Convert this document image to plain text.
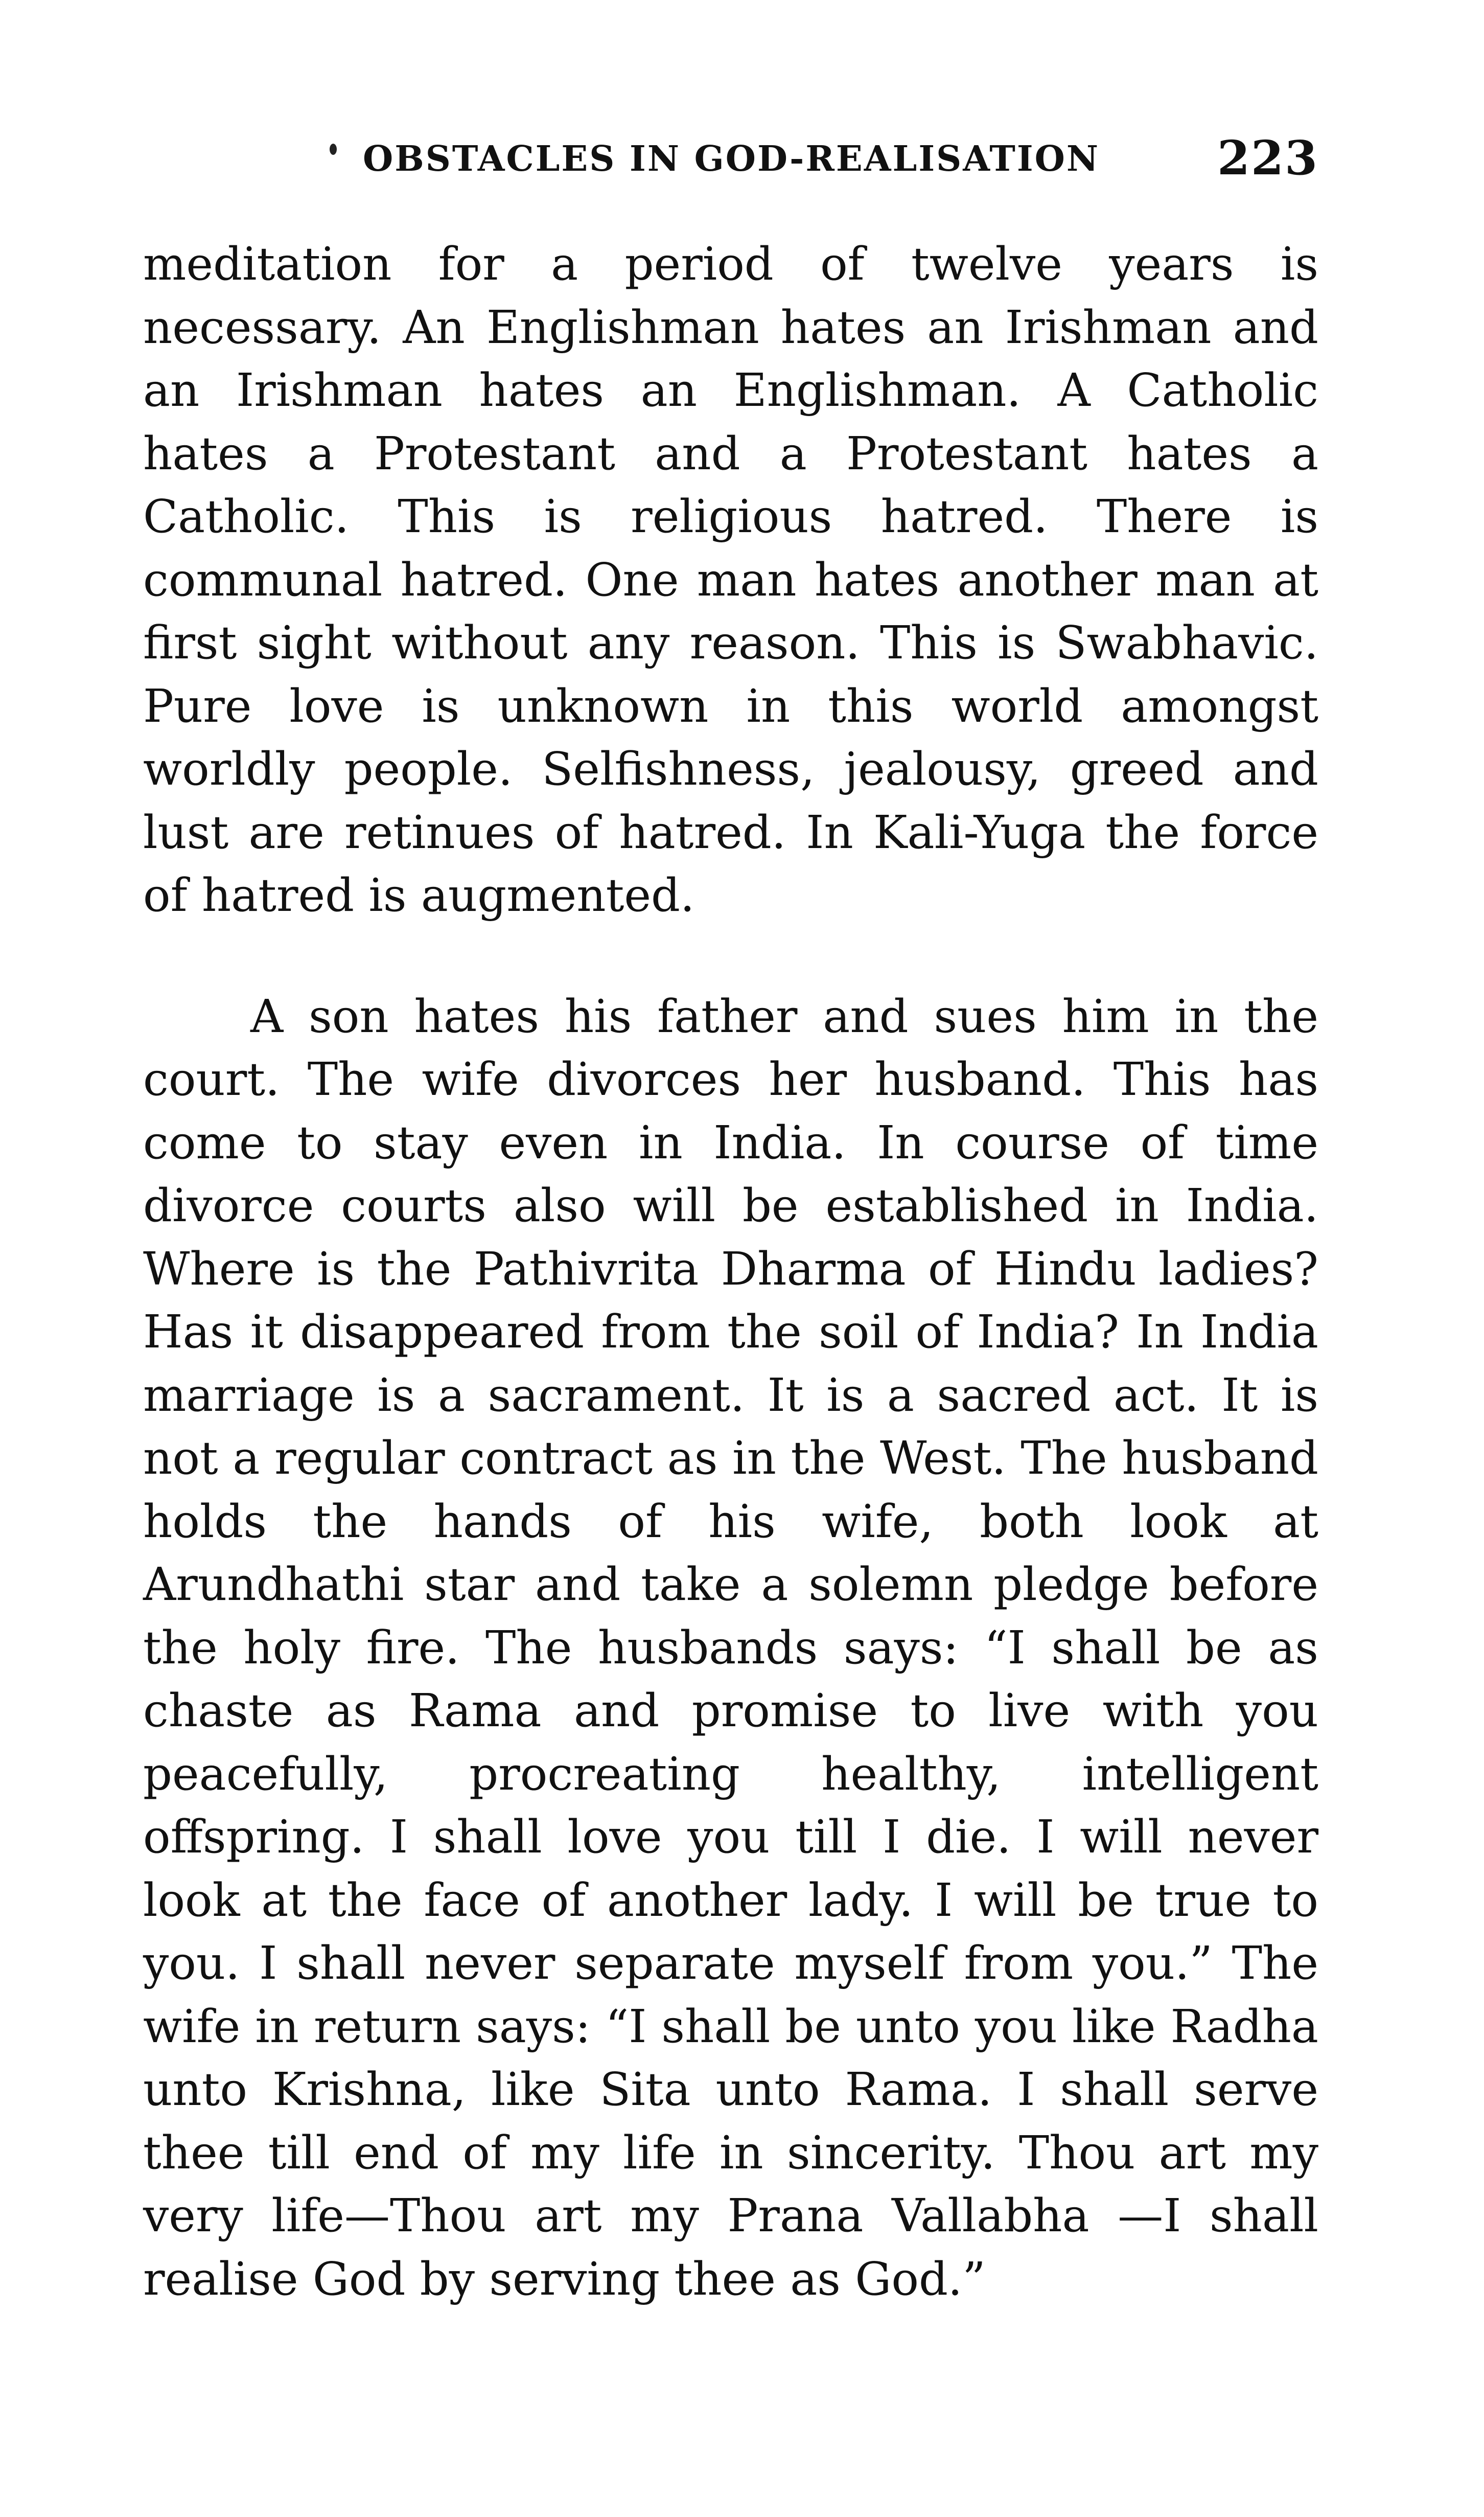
OBSTACLES IN GOD-REALISATION 223

meditation for a period of twelve years is necessary. An Englishman hates an Irishman and an Irishman hates an Englishman. A Catholic hates a Protestant and a Protestant hates a Catholic. This is religious hatred. There is communal hatred. One man hates another man at first sight without any reason. This is Swabhavic. Pure love is unknown in this world amongst worldly people. Selfishness, jealousy, greed and lust are retinues of hatred. In Kali-Yuga the force of hatred is augmented.

A son hates his father and sues him in the court. The wife divorces her husband. This has come to stay even in India. In course of time divorce courts also will be established in India. Where is the Pathivrita Dharma of Hindu ladies? Has it disappeared from the soil of India? In India marriage is a sacrament. It is a sacred act. It is not a regular contract as in the West. The husband holds the hands of his wife, both look at Arundhathi star and take a solemn pledge before the holy fire. The husbands says: “I shall be as chaste as Rama and promise to live with you peacefully, procreating healthy, intelligent offspring. I shall love you till I die. I will never look at the face of another lady. I will be true to you. I shall never separate myself from you.” The wife in return says: “I shall be unto you like Radha unto Krishna, like Sita unto Rama. I shall serve thee till end of my life in sincerity. Thou art my very life—Thou art my Prana Vallabha —I shall realise God by serving thee as God.”
